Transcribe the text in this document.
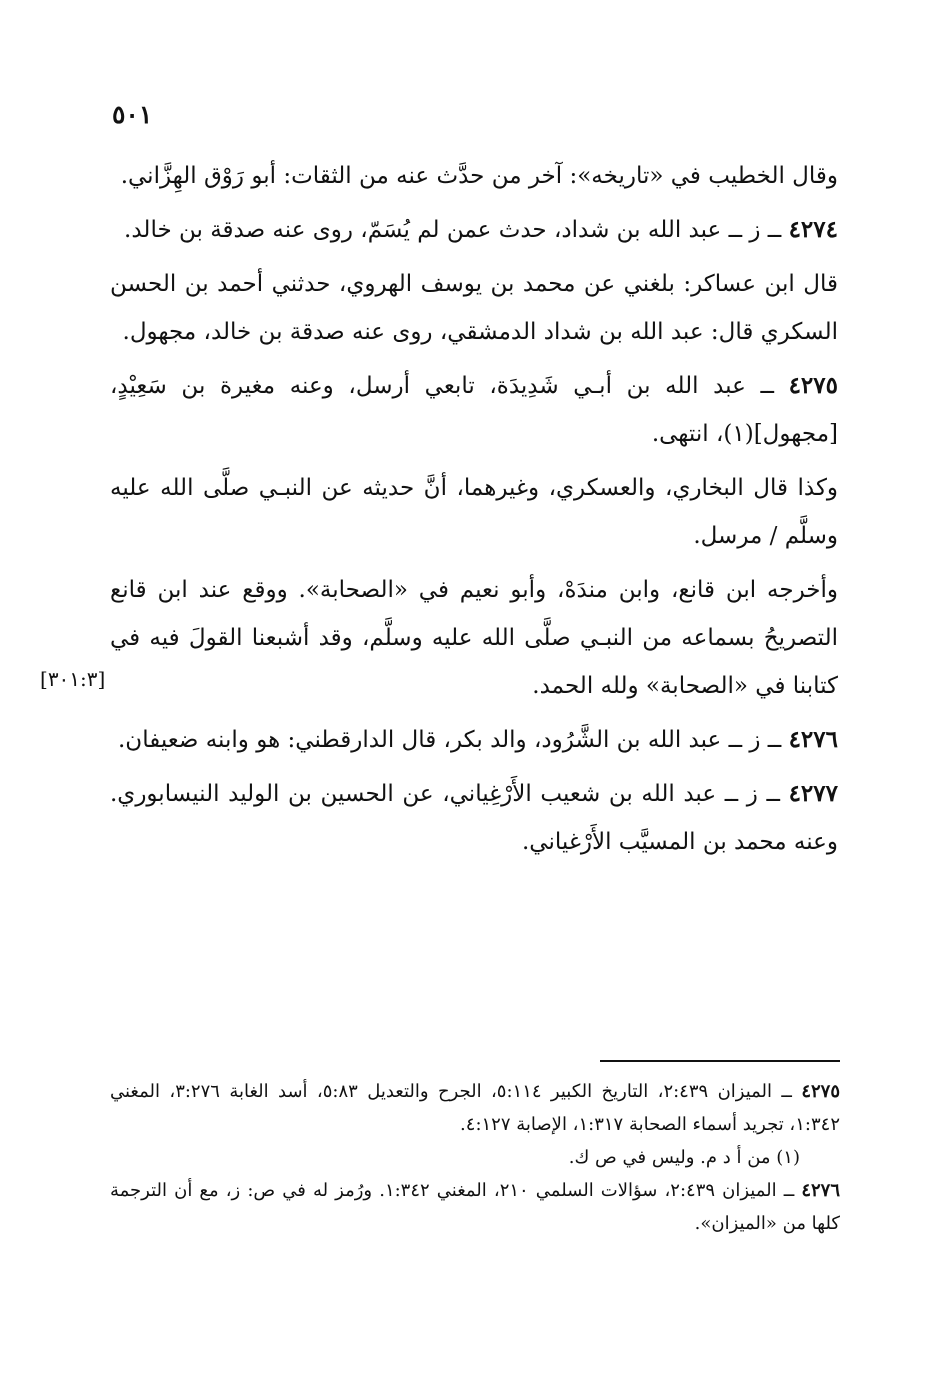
٥٠١
[٣٠١:٣]

وقال الخطيب في «تاريخه»: آخر من حدَّث عنه من الثقات: أبو رَوْق الهِزَّاني.

٤٢٧٤ ــ ز ــ عبد الله بن شداد، حدث عمن لم يُسَمّ، روى عنه صدقة بن خالد.

قال ابن عساكر: بلغني عن محمد بن يوسف الهروي، حدثني أحمد بن الحسن السكري قال: عبد الله بن شداد الدمشقي، روى عنه صدقة بن خالد، مجهول.

٤٢٧٥ ــ عبد الله بن أبـي شَدِيدَة، تابعي أرسل، وعنه مغيرة بن سَعِيْدٍ، [مجهول](١)، انتهى.

وكذا قال البخاري، والعسكري، وغيرهما، أنَّ حديثه عن النبـي صلَّى الله عليه وسلَّم / مرسل.

وأخرجه ابن قانع، وابن مندَهْ، وأبو نعيم في «الصحابة». ووقع عند ابن قانع التصريحُ بسماعه من النبـي صلَّى الله عليه وسلَّم، وقد أشبعنا القولَ فيه في كتابنا في «الصحابة» ولله الحمد.

٤٢٧٦ ــ ز ــ عبد الله بن الشَّرُود، والد بكر، قال الدارقطني: هو وابنه ضعيفان.

٤٢٧٧ ــ ز ــ عبد الله بن شعيب الأَرْغِياني، عن الحسين بن الوليد النيسابوري. وعنه محمد بن المسيَّب الأَرْغياني.

٤٢٧٥ ــ الميزان ٢:٤٣٩، التاريخ الكبير ٥:١١٤، الجرح والتعديل ٥:٨٣، أسد الغابة ٣:٢٧٦، المغني ١:٣٤٢، تجريد أسماء الصحابة ١:٣١٧، الإصابة ٤:١٢٧.

(١) من أ د م. وليس في ص ك.

٤٢٧٦ ــ الميزان ٢:٤٣٩، سؤالات السلمي ٢١٠، المغني ١:٣٤٢. ورُمز له في ص: ز، مع أن الترجمة كلها من «الميزان».
